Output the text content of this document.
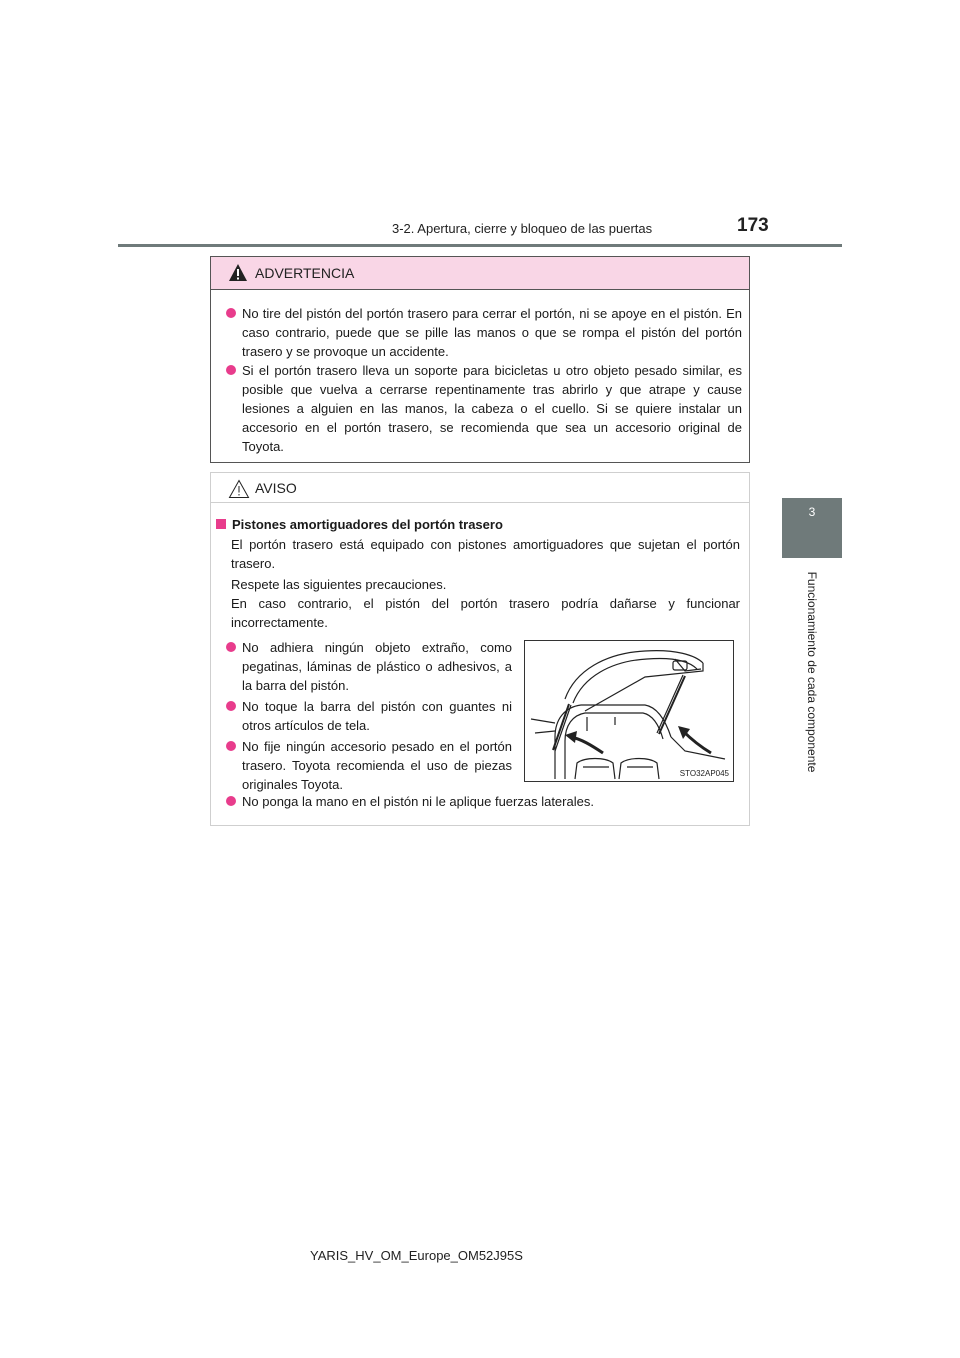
3-2. Apertura, cierre y bloqueo de las puertas	173
3
Funcionamiento de cada componente
ADVERTENCIA
No tire del pistón del portón trasero para cerrar el portón, ni se apoye en el pistón. En caso contrario, puede que se pille las manos o que se rompa el pistón del portón trasero y se provoque un accidente.
Si el portón trasero lleva un soporte para bicicletas u otro objeto pesado similar, es posible que vuelva a cerrarse repentinamente tras abrirlo y que atrape y cause lesiones a alguien en las manos, la cabeza o el cuello. Si se quiere instalar un accesorio en el portón trasero, se recomienda que sea un accesorio original de Toyota.
AVISO
Pistones amortiguadores del portón trasero
El portón trasero está equipado con pistones amortiguadores que sujetan el portón trasero.
Respete las siguientes precauciones.
En caso contrario, el pistón del portón trasero podría dañarse y funcionar incorrectamente.
No adhiera ningún objeto extraño, como pegatinas, láminas de plástico o adhesivos, a la barra del pistón.
No toque la barra del pistón con guantes ni otros artículos de tela.
No fije ningún accesorio pesado en el portón trasero. Toyota recomienda el uso de piezas originales Toyota.
No ponga la mano en el pistón ni le aplique fuerzas laterales.
STO32AP045
YARIS_HV_OM_Europe_OM52J95S
